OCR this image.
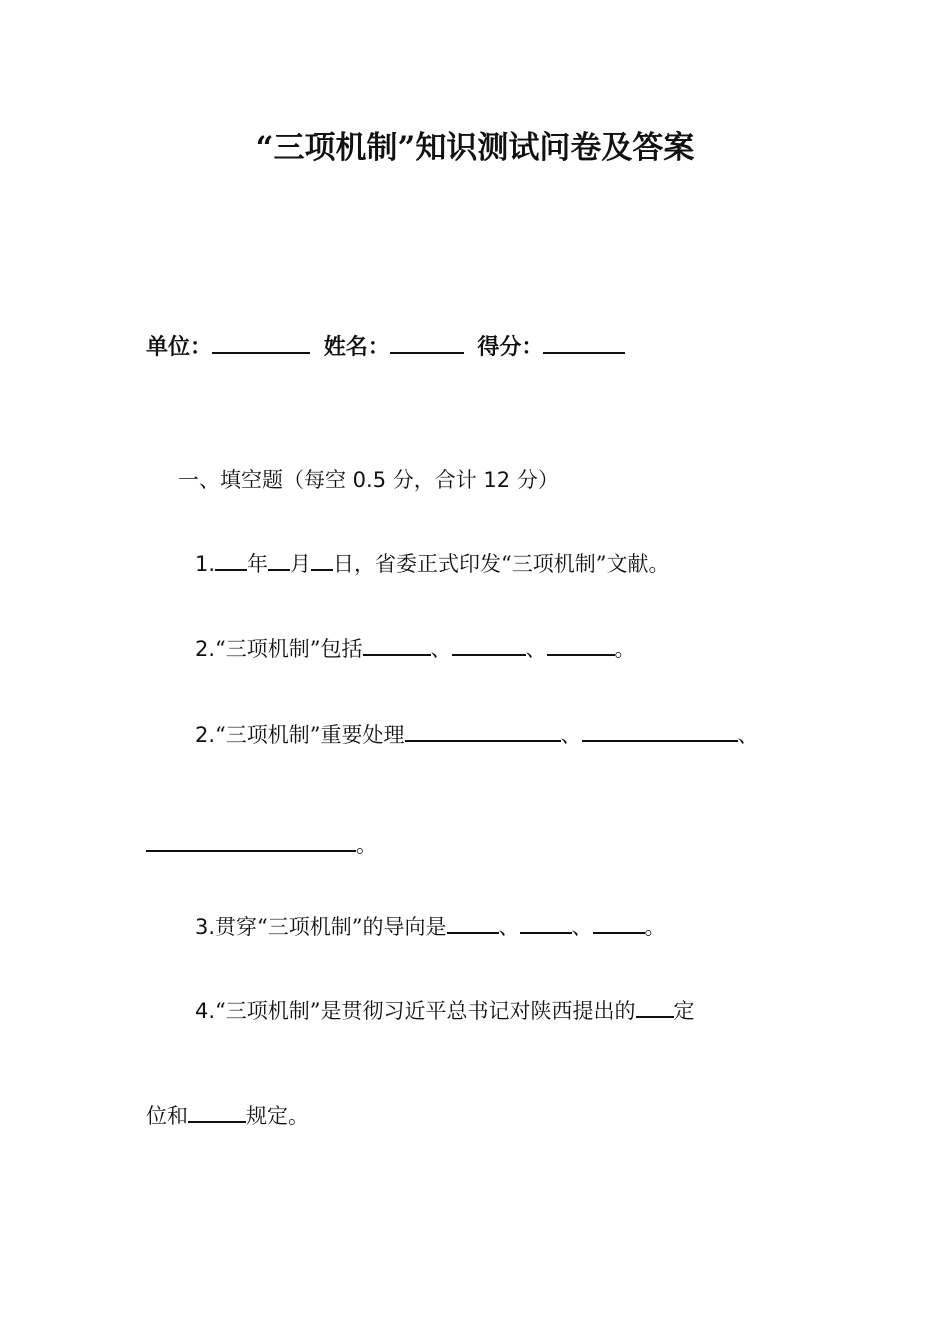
“三项机制”知识测试问卷及答案
单位：	姓名：	得分：
一、填空题（每空 0.5 分，合计 12 分）
1. 年 月 日，省委正式印发“三项机制”文献。
2.“三项机制”包括	、	、	。
2.“三项机制”重要处理	、	、
。
3.贯穿“三项机制”的导向是 、 、 。
4.“三项机制”是贯彻习近平总书记对陕西提出的 定
位和	规定。
